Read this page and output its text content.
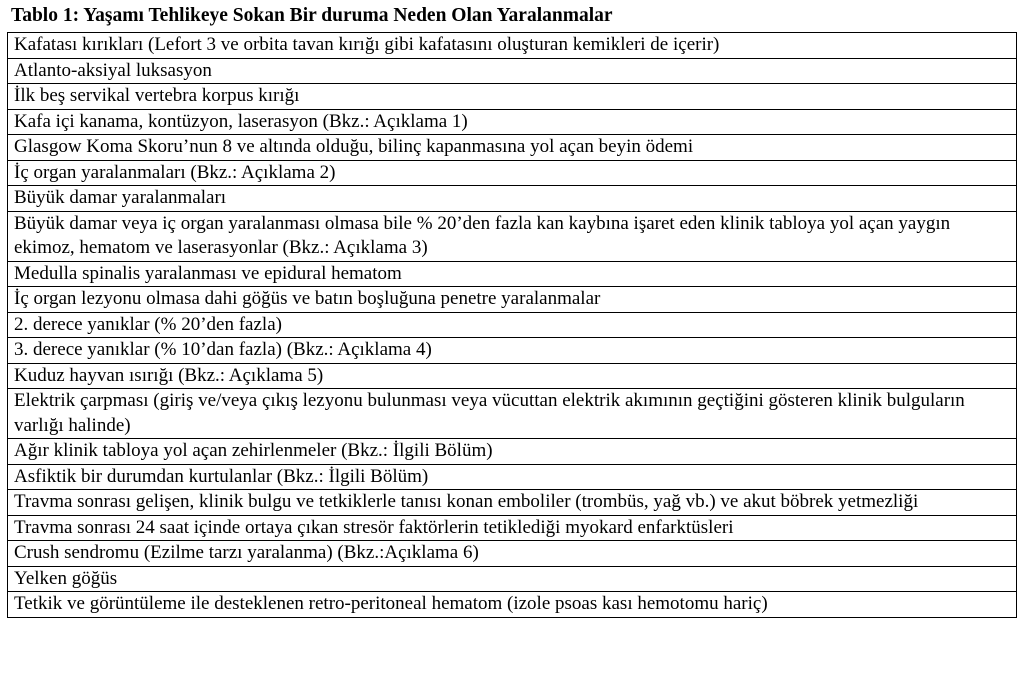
Tablo 1: Yaşamı Tehlikeye Sokan Bir duruma Neden Olan Yaralanmalar
Kafatası kırıkları (Lefort 3 ve orbita tavan kırığı gibi kafatasını oluşturan kemikleri de içerir)
Atlanto-aksiyal luksasyon
İlk beş servikal vertebra korpus kırığı
Kafa içi kanama, kontüzyon, laserasyon (Bkz.: Açıklama 1)
Glasgow Koma Skoru’nun 8 ve altında olduğu, bilinç kapanmasına yol açan beyin ödemi
İç organ yaralanmaları (Bkz.: Açıklama 2)
Büyük damar yaralanmaları
Büyük damar veya iç organ yaralanması olmasa bile % 20’den fazla kan kaybına işaret eden klinik tabloya yol açan yaygın ekimoz, hematom ve laserasyonlar (Bkz.: Açıklama 3)
Medulla spinalis yaralanması ve epidural hematom
İç organ lezyonu olmasa dahi göğüs ve batın boşluğuna penetre yaralanmalar
2. derece yanıklar (% 20’den fazla)
3. derece yanıklar (% 10’dan fazla) (Bkz.: Açıklama 4)
Kuduz hayvan ısırığı (Bkz.: Açıklama 5)
Elektrik çarpması (giriş ve/veya çıkış lezyonu bulunması veya vücuttan elektrik akımının geçtiğini gösteren klinik bulguların varlığı halinde)
Ağır klinik tabloya yol açan zehirlenmeler (Bkz.: İlgili Bölüm)
Asfiktik bir durumdan kurtulanlar (Bkz.: İlgili Bölüm)
Travma sonrası gelişen, klinik bulgu ve tetkiklerle tanısı konan emboliler (trombüs, yağ vb.) ve akut böbrek yetmezliği
Travma sonrası 24 saat içinde ortaya çıkan stresör faktörlerin tetiklediği myokard enfarktüsleri
Crush sendromu (Ezilme tarzı yaralanma) (Bkz.:Açıklama 6)
Yelken göğüs
Tetkik ve görüntüleme ile desteklenen retro-peritoneal hematom (izole psoas kası hemotomu hariç)
